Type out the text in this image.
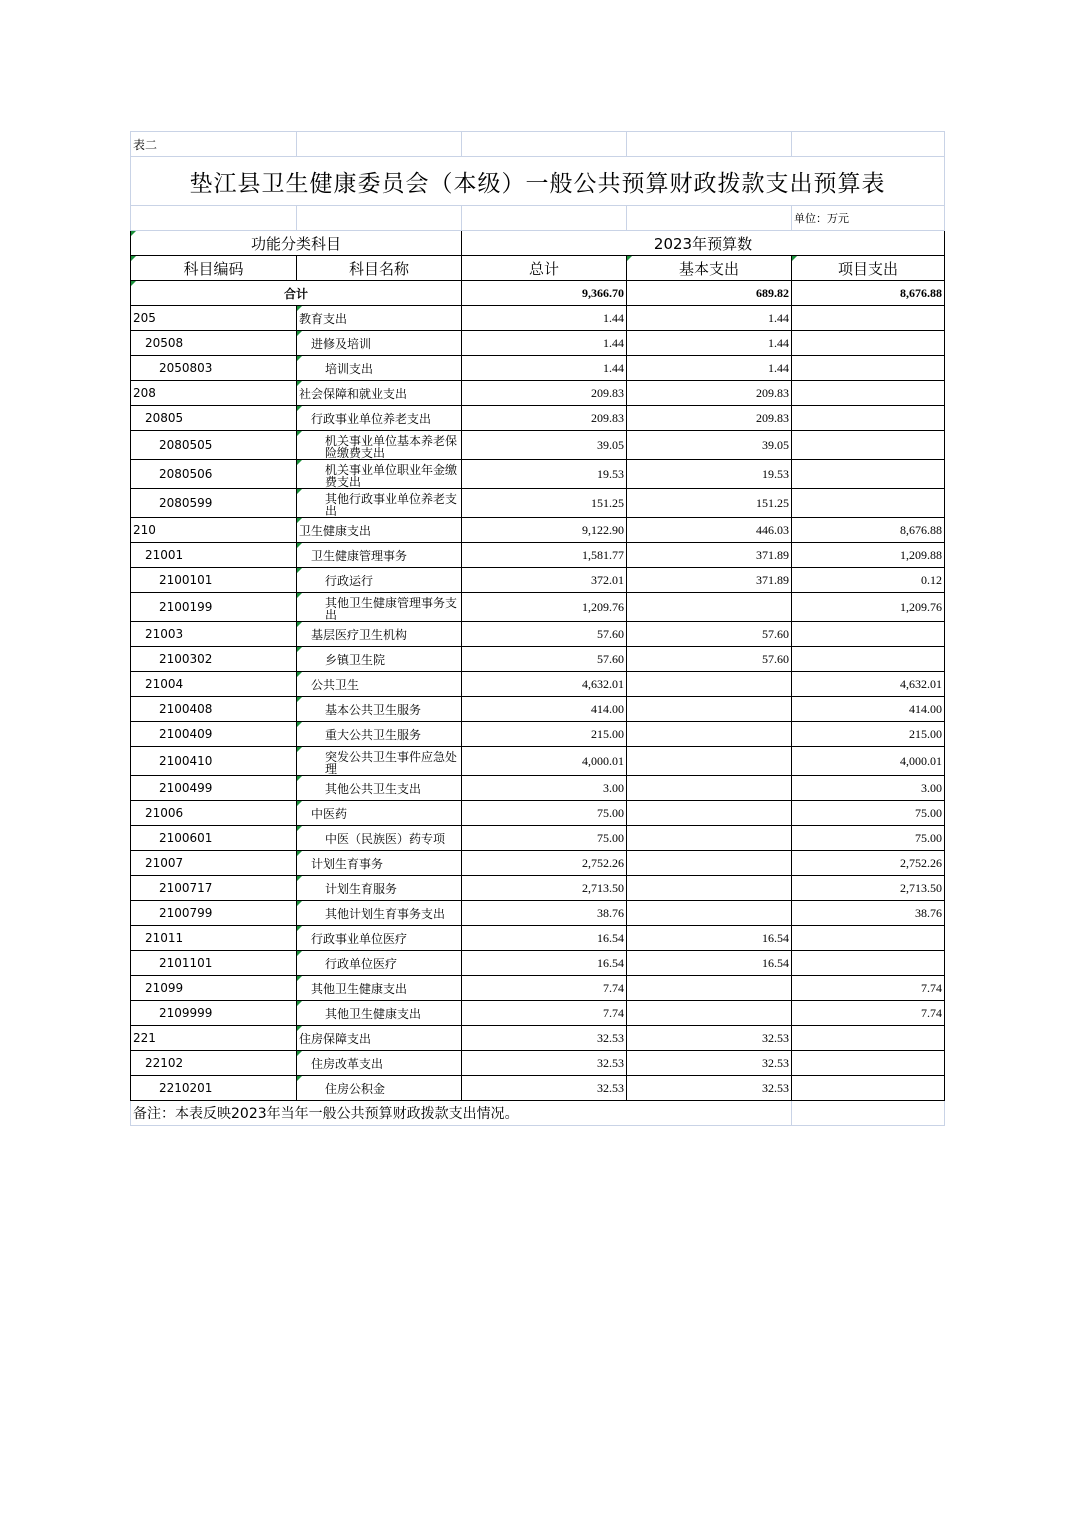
表二				
垫江县卫生健康委员会（本级）一般公共预算财政拨款支出预算表				
				单位：万元
功能分类科目		2023年预算数		
科目编码	科目名称	总计	基本支出	项目支出
合计		9,366.70	689.82	8,676.88
205	教育支出	1.44	1.44	
20508	进修及培训	1.44	1.44	
2050803	培训支出	1.44	1.44	
208	社会保障和就业支出	209.83	209.83	
20805	行政事业单位养老支出	209.83	209.83	
2080505	机关事业单位基本养老保险缴费支出	39.05	39.05	
2080506	机关事业单位职业年金缴费支出	19.53	19.53	
2080599	其他行政事业单位养老支出	151.25	151.25	
210	卫生健康支出	9,122.90	446.03	8,676.88
21001	卫生健康管理事务	1,581.77	371.89	1,209.88
2100101	行政运行	372.01	371.89	0.12
2100199	其他卫生健康管理事务支出	1,209.76		1,209.76
21003	基层医疗卫生机构	57.60	57.60	
2100302	乡镇卫生院	57.60	57.60	
21004	公共卫生	4,632.01		4,632.01
2100408	基本公共卫生服务	414.00		414.00
2100409	重大公共卫生服务	215.00		215.00
2100410	突发公共卫生事件应急处理	4,000.01		4,000.01
2100499	其他公共卫生支出	3.00		3.00
21006	中医药	75.00		75.00
2100601	中医（民族医）药专项	75.00		75.00
21007	计划生育事务	2,752.26		2,752.26
2100717	计划生育服务	2,713.50		2,713.50
2100799	其他计划生育事务支出	38.76		38.76
21011	行政事业单位医疗	16.54	16.54	
2101101	行政单位医疗	16.54	16.54	
21099	其他卫生健康支出	7.74		7.74
2109999	其他卫生健康支出	7.74		7.74
221	住房保障支出	32.53	32.53	
22102	住房改革支出	32.53	32.53	
2210201	住房公积金	32.53	32.53	
备注：本表反映2023年当年一般公共预算财政拨款支出情况。				
